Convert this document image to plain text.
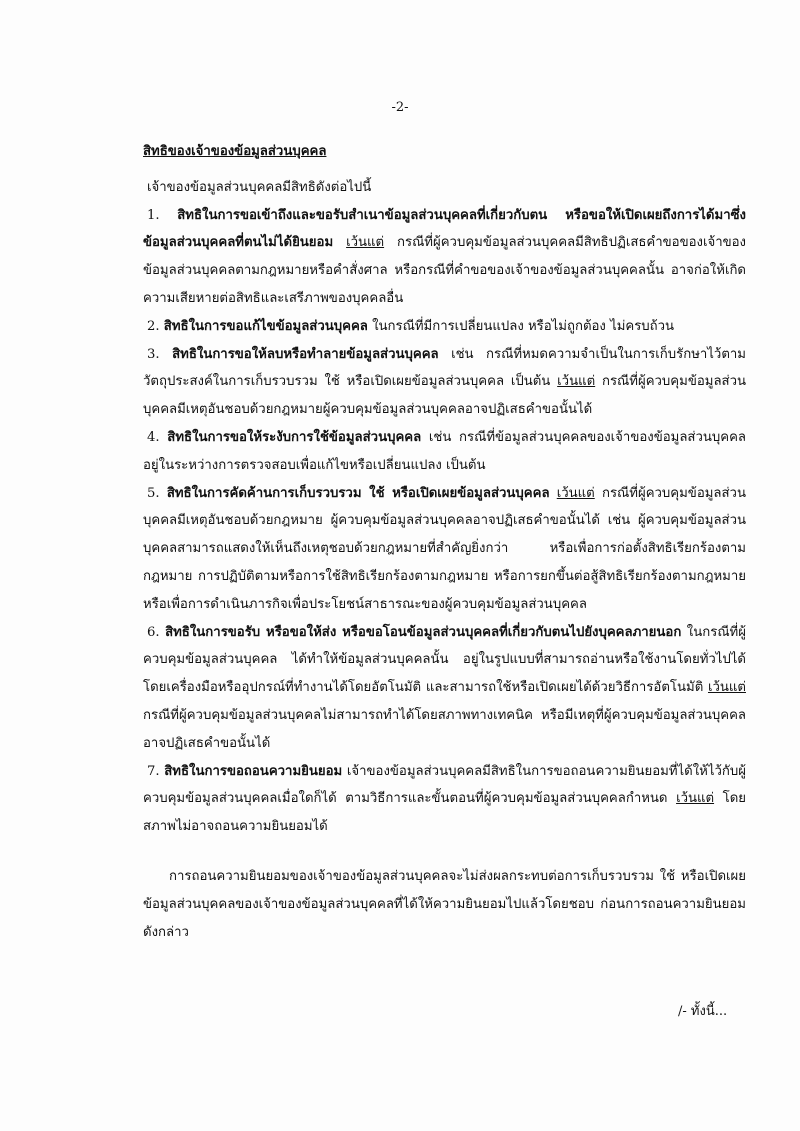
-2-

สิทธิของเจ้าของข้อมูลส่วนบุคคล

เจ้าของข้อมูลส่วนบุคคลมีสิทธิดังต่อไปนี้

1. สิทธิในการขอเข้าถึงและขอรับสำเนาข้อมูลส่วนบุคคลที่เกี่ยวกับตน หรือขอให้เปิดเผยถึงการได้มาซึ่งข้อมูลส่วนบุคคลที่ตนไม่ได้ยินยอม เว้นแต่ กรณีที่ผู้ควบคุมข้อมูลส่วนบุคคลมีสิทธิปฏิเสธคำขอของเจ้าของข้อมูลส่วนบุคคลตามกฎหมายหรือคำสั่งศาล หรือกรณีที่คำขอของเจ้าของข้อมูลส่วนบุคคลนั้น อาจก่อให้เกิดความเสียหายต่อสิทธิและเสรีภาพของบุคคลอื่น

2. สิทธิในการขอแก้ไขข้อมูลส่วนบุคคล ในกรณีที่มีการเปลี่ยนแปลง หรือไม่ถูกต้อง ไม่ครบถ้วน

3. สิทธิในการขอให้ลบหรือทำลายข้อมูลส่วนบุคคล เช่น กรณีที่หมดความจำเป็นในการเก็บรักษาไว้ตามวัตถุประสงค์ในการเก็บรวบรวม ใช้ หรือเปิดเผยข้อมูลส่วนบุคคล เป็นต้น เว้นแต่ กรณีที่ผู้ควบคุมข้อมูลส่วนบุคคลมีเหตุอันชอบด้วยกฎหมายผู้ควบคุมข้อมูลส่วนบุคคลอาจปฏิเสธคำขอนั้นได้

4. สิทธิในการขอให้ระงับการใช้ข้อมูลส่วนบุคคล เช่น กรณีที่ข้อมูลส่วนบุคคลของเจ้าของข้อมูลส่วนบุคคลอยู่ในระหว่างการตรวจสอบเพื่อแก้ไขหรือเปลี่ยนแปลง เป็นต้น

5. สิทธิในการคัดค้านการเก็บรวบรวม ใช้ หรือเปิดเผยข้อมูลส่วนบุคคล เว้นแต่ กรณีที่ผู้ควบคุมข้อมูลส่วนบุคคลมีเหตุอันชอบด้วยกฎหมาย ผู้ควบคุมข้อมูลส่วนบุคคลอาจปฏิเสธคำขอนั้นได้ เช่น ผู้ควบคุมข้อมูลส่วนบุคคลสามารถแสดงให้เห็นถึงเหตุชอบด้วยกฎหมายที่สำคัญยิ่งกว่า หรือเพื่อการก่อตั้งสิทธิเรียกร้องตามกฎหมาย การปฏิบัติตามหรือการใช้สิทธิเรียกร้องตามกฎหมาย หรือการยกขึ้นต่อสู้สิทธิเรียกร้องตามกฎหมาย หรือเพื่อการดำเนินภารกิจเพื่อประโยชน์สาธารณะของผู้ควบคุมข้อมูลส่วนบุคคล

6. สิทธิในการขอรับ หรือขอให้ส่ง หรือขอโอนข้อมูลส่วนบุคคลที่เกี่ยวกับตนไปยังบุคคลภายนอก ในกรณีที่ผู้ควบคุมข้อมูลส่วนบุคคล ได้ทำให้ข้อมูลส่วนบุคคลนั้น อยู่ในรูปแบบที่สามารถอ่านหรือใช้งานโดยทั่วไปได้โดยเครื่องมือหรืออุปกรณ์ที่ทำงานได้โดยอัตโนมัติ และสามารถใช้หรือเปิดเผยได้ด้วยวิธีการอัตโนมัติ เว้นแต่ กรณีที่ผู้ควบคุมข้อมูลส่วนบุคคลไม่สามารถทำได้โดยสภาพทางเทคนิค หรือมีเหตุที่ผู้ควบคุมข้อมูลส่วนบุคคลอาจปฏิเสธคำขอนั้นได้

7. สิทธิในการขอถอนความยินยอม เจ้าของข้อมูลส่วนบุคคลมีสิทธิในการขอถอนความยินยอมที่ได้ให้ไว้กับผู้ควบคุมข้อมูลส่วนบุคคลเมื่อใดก็ได้ ตามวิธีการและขั้นตอนที่ผู้ควบคุมข้อมูลส่วนบุคคลกำหนด เว้นแต่ โดยสภาพไม่อาจถอนความยินยอมได้

การถอนความยินยอมของเจ้าของข้อมูลส่วนบุคคลจะไม่ส่งผลกระทบต่อการเก็บรวบรวม ใช้ หรือเปิดเผยข้อมูลส่วนบุคคลของเจ้าของข้อมูลส่วนบุคคลที่ได้ให้ความยินยอมไปแล้วโดยชอบ ก่อนการถอนความยินยอมดังกล่าว

/- ทั้งนี้...
